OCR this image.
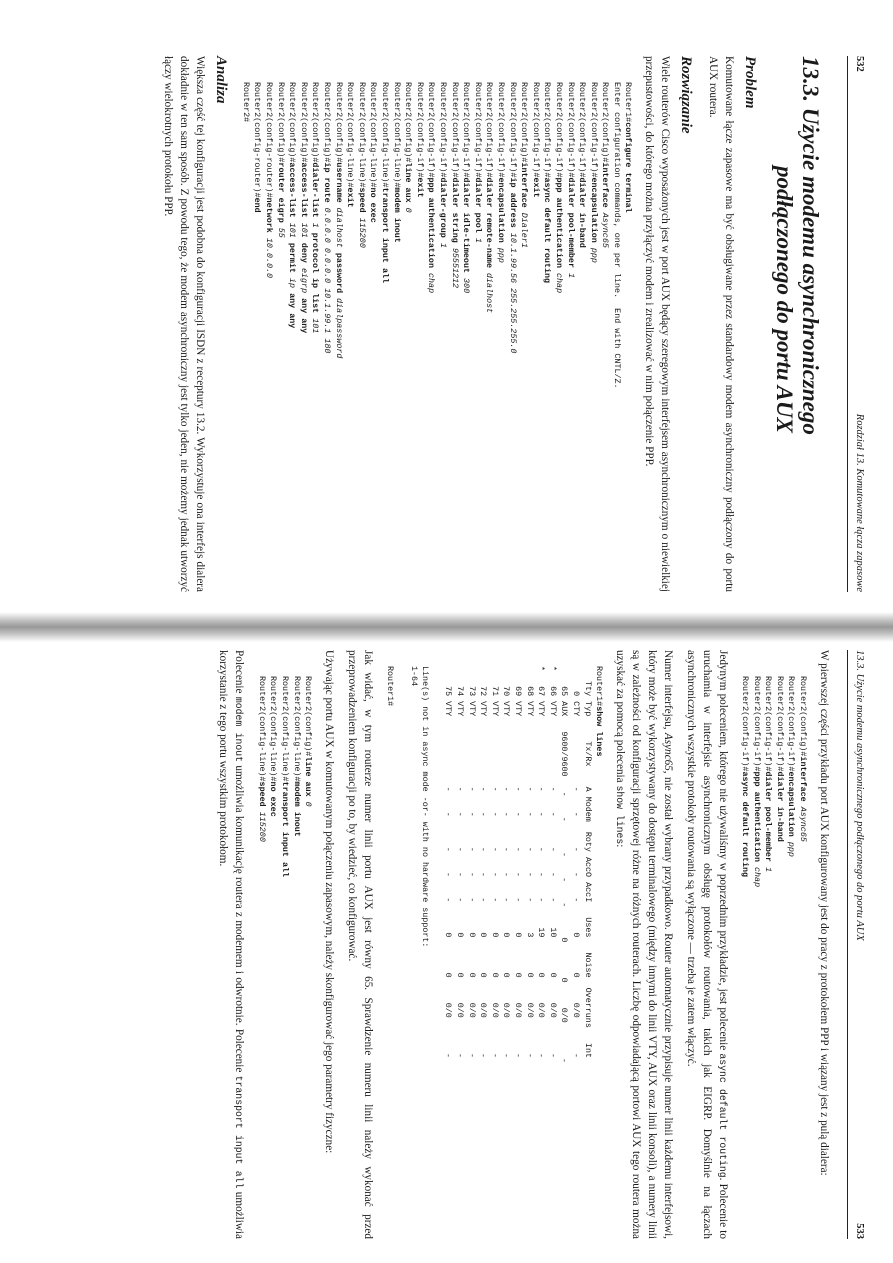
532
Rozdział 13. Komutowane łącza zapasowe
13.3. Użycie modemu asynchronicznego
podłączonego do portu AUX
Problem

Komutowane łącze zapasowe ma być obsługiwane przez standardowy modem asynchroniczny podłączony do portu AUX routera.

Rozwiązanie

Wiele routerów Cisco wyposażonych jest w port AUX będący szeregowym interfejsem asynchronicznym o niewielkiej przepustowości, do którego można przyłączyć modem i zrealizować w nim połączenie PPP.

Router1#configure terminal
Enter configuration commands, one per line.  End with CNTL/Z.
Router2(config)#interface Async65
Router2(config-if)#encapsulation ppp
Router2(config-if)#dialer in-band
Router2(config-if)#dialer pool-member 1
Router2(config-if)#ppp authentication chap
Router2(config-if)#async default routing
Router2(config-if)#exit
Router2(config)#interface Dialer1
Router2(config-if)#ip address 10.1.99.56 255.255.255.0
Router2(config-if)#encapsulation ppp
Router2(config-if)#dialer remote-name dialhost
Router2(config-if)#dialer pool 1
Router2(config-if)#dialer idle-timeout 300
Router2(config-if)#dialer string 95551212
Router2(config-if)#dialer-group 1
Router2(config-if)#ppp authentication chap
Router2(config-if)#exit
Router2(config)#line aux 0
Router2(config-line)#modem inout
Router2(config-line)#transport input all
Router2(config-line)#no exec
Router2(config-line)#speed 115200
Router2(config-line)#exit
Router2(config)#username dialhost password dialpassword
Router2(config)#ip route 0.0.0.0 0.0.0.0 10.1.99.1 180
Router2(config)#dialer-list 1 protocol ip list 101
Router2(config)#access-list 101 deny eigrp any any
Router2(config)#access-list 101 permit ip any any
Router2(config)#router eigrp 55
Router2(config-router)#network 10.0.0.0
Router2(config-router)#end
Router2#

Analiza

Większa część tej konfiguracji jest podobna do konfiguracji ISDN z receptury 13.2. Wykorzystuje ona interfejs dialera dokładnie w ten sam sposób. Z powodu tego, że modem asynchroniczny jest tylko jeden, nie możemy jednak utworzyć łączy wielokrotnych protokołu PPP.

13.3. Użycie modemu asynchronicznego podłączonego do portu AUX
533

W pierwszej części przykładu port AUX konfigurowany jest do pracy z protokołem PPP i wiązany jest z pulą dialera:

Router2(config)#interface Async65
Router2(config-if)#encapsulation ppp
Router2(config-if)#dialer in-band
Router2(config-if)#dialer pool-member 1
Router2(config-if)#ppp authentication chap
Router2(config-if)#async default routing

Jedynym poleceniem, którego nie używaliśmy w poprzednim przykładzie, jest polecenie async default routing. Polecenie to uruchamia w interfejsie asynchronicznym obsługę protokołów routowania, takich jak EIGRP. Domyślnie na łączach asynchronicznych wszystkie protokoły routowania są wyłączone — trzeba je zatem włączyć.

Numer interfejsu, Async65, nie został wybrany przypadkowo. Router automatycznie przypisuje numer linii każdemu interfejsowi, który może być wykorzystywany do dostępu terminalowego (między innymi do linii VTY, AUX oraz linii konsoli), a numery linii są w zależności od konfiguracji sprzętowej różne na różnych routerach. Liczbę odpowiadającą portowi AUX tego routera można uzyskać za pomocą polecenia show lines:

Router1#show lines
Tty Typ     Tx/Rx    A Modem  Roty AccO AccI   Uses   Noise  Overruns   Int
0 CTY              -    -      -    -    -      0       0     0/0       -
65 AUX   9600/9600   -    -      -    -    -      0       0     0/0       -
*   66 VTY              -    -      -    -    -     10       0     0/0       -
*   67 VTY              -    -      -    -    -     19       0     0/0       -
68 VTY              -    -      -    -    -      3       0     0/0       -
69 VTY              -    -      -    -    -      0       0     0/0       -
70 VTY              -    -      -    -    -      0       0     0/0       -
71 VTY              -    -      -    -    -      0       0     0/0       -
72 VTY              -    -      -    -    -      0       0     0/0       -
73 VTY              -    -      -    -    -      0       0     0/0       -
74 VTY              -    -      -    -    -      0       0     0/0       -
75 VTY              -    -      -    -    -      0       0     0/0       -

Line(s) not in async mode -or- with no hardware support:
1-64

Router1#

Jak widać, w tym routerze numer linii portu AUX jest równy 65. Sprawdzenie numeru linii należy wykonać przed przeprowadzeniem konfiguracji po to, by wiedzieć, co konfigurować.

Używając portu AUX w komutowanym połączeniu zapasowym, należy skonfigurować jego parametry fizyczne:

Router2(config)#line aux 0
Router2(config-line)#modem inout
Router2(config-line)#transport input all
Router2(config-line)#no exec
Router2(config-line)#speed 115200

Polecenie modem inout umożliwia komunikację routera z modemem i odwrotnie. Polecenie transport input all umożliwia korzystanie z tego portu wszystkim protokołom.
